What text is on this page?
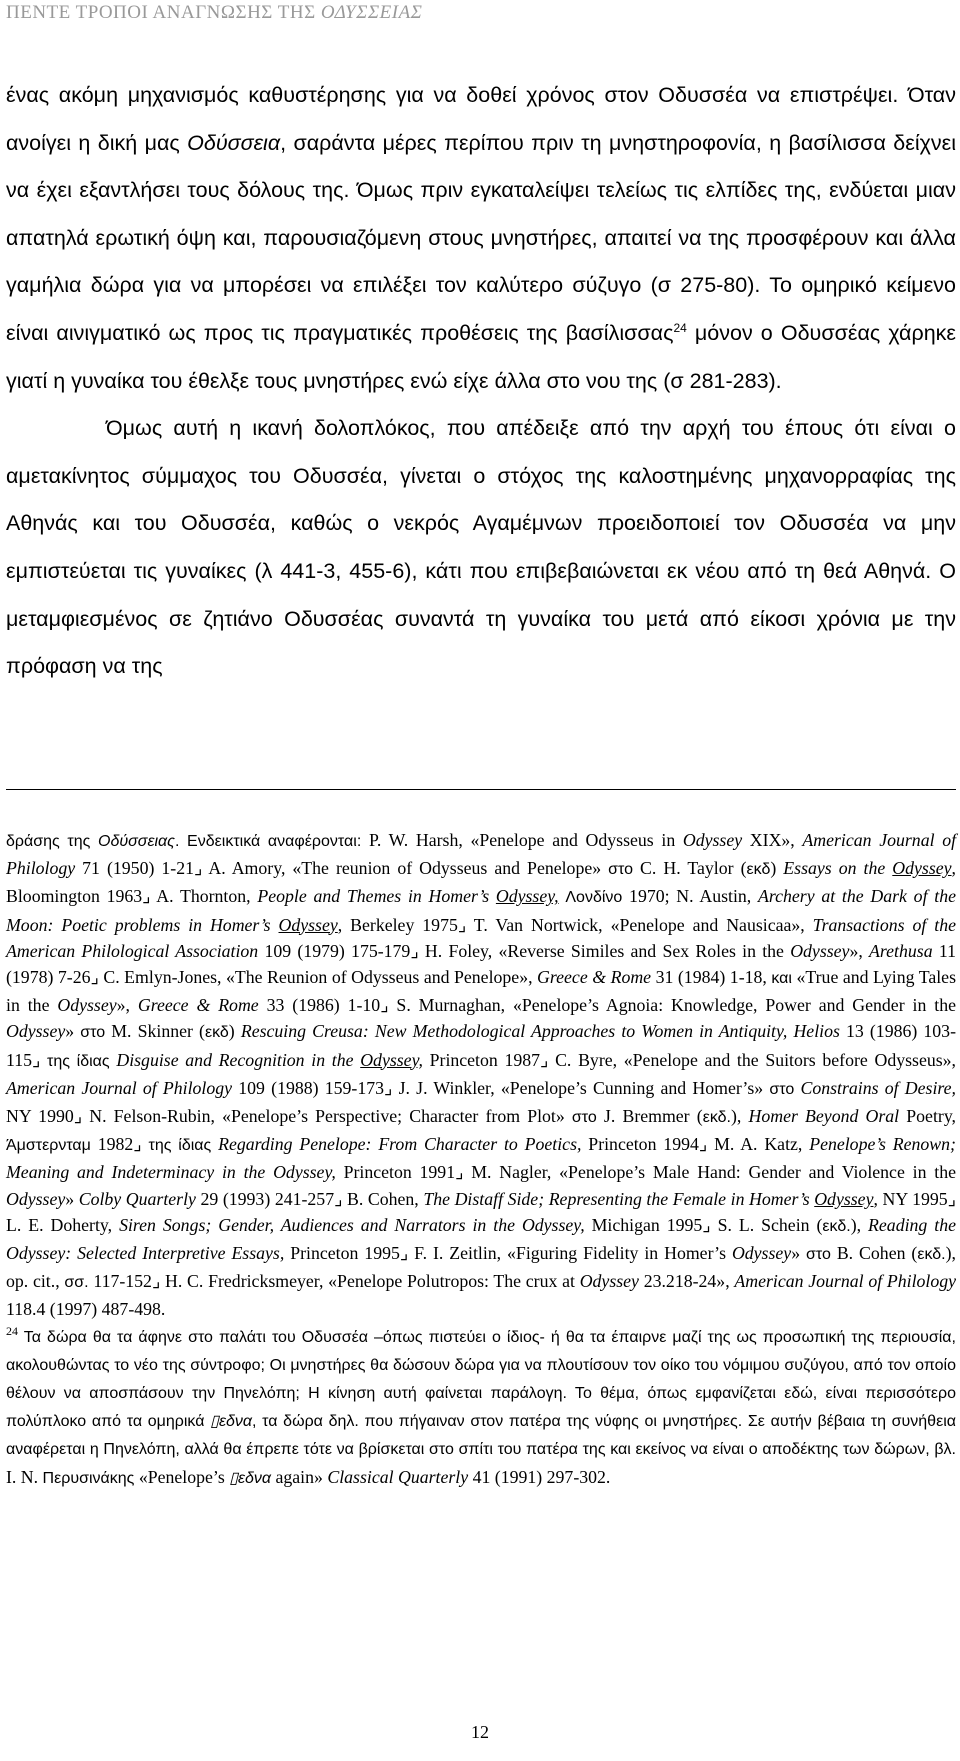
ΠΕΝΤΕ ΤΡΟΠΟΙ ΑΝΑΓΝΩΣΗΣ ΤΗΣ ΟΔΥΣΣΕΙΑΣ

ένας ακόμη μηχανισμός καθυστέρησης για να δοθεί χρόνος στον Οδυσσέα να επιστρέψει. Όταν ανοίγει η δική μας Οδύσσεια, σαράντα μέρες περίπου πριν τη μνηστηροφονία, η βασίλισσα δείχνει να έχει εξαντλήσει τους δόλους της. Όμως πριν εγκαταλείψει τελείως τις ελπίδες της, ενδύεται μιαν απατηλά ερωτική όψη και, παρουσιαζόμενη στους μνηστήρες, απαιτεί να της προσφέρουν και άλλα γαμήλια δώρα για να μπορέσει να επιλέξει τον καλύτερο σύζυγο (σ 275-80). Το ομηρικό κείμενο είναι αινιγματικό ως προς τις πραγματικές προθέσεις της βασίλισσας$^{24}$ μόνον ο Οδυσσέας χάρηκε γιατί η γυναίκα του έθελξε τους μνηστήρες ενώ είχε άλλα στο νου της (σ 281-283).

Όμως αυτή η ικανή δολοπλόκος, που απέδειξε από την αρχή του έπους ότι είναι ο αμετακίνητος σύμμαχος του Οδυσσέα, γίνεται ο στόχος της καλοστημένης μηχανορραφίας της Αθηνάς και του Οδυσσέα, καθώς ο νεκρός Αγαμέμνων προειδοποιεί τον Οδυσσέα να μην εμπιστεύεται τις γυναίκες (λ 441-3, 455-6), κάτι που επιβεβαιώνεται εκ νέου από τη θεά Αθηνά. Ο μεταμφιεσμένος σε ζητιάνο Οδυσσέας συναντά τη γυναίκα του μετά από είκοσι χρόνια με την πρόφαση να της

δράσης της Οδύσσειας. Ενδεικτικά αναφέρονται: P. W. Harsh, «Penelope and Odysseus in Odyssey XIX», American Journal of Philology 71 (1950) 1-21⌟ A. Amory, «The reunion of Odysseus and Penelope» στο C. H. Taylor (εκδ) Essays on the Odyssey, Bloomington 1963⌟ A. Thornton, People and Themes in Homer’s Odyssey, Λονδίνο 1970; N. Austin, Archery at the Dark of the Moon: Poetic problems in Homer’s Odyssey, Berkeley 1975⌟ T. Van Nortwick, «Penelope and Nausicaa», Transactions of the American Philological Association 109 (1979) 175-179⌟ H. Foley, «Reverse Similes and Sex Roles in the Odyssey», Arethusa 11 (1978) 7-26⌟ C. Emlyn-Jones, «The Reunion of Odysseus and Penelope», Greece & Rome 31 (1984) 1-18, και «True and Lying Tales in the Odyssey», Greece & Rome 33 (1986) 1-10⌟ S. Murnaghan, «Penelope’s Agnoia: Knowledge, Power and Gender in the Odyssey» στο M. Skinner (εκδ) Rescuing Creusa: New Methodological Approaches to Women in Antiquity, Helios 13 (1986) 103-115⌟ της ίδιας Disguise and Recognition in the Odyssey, Princeton 1987⌟ C. Byre, «Penelope and the Suitors before Odysseus», American Journal of Philology 109 (1988) 159-173⌟ J. J. Winkler, «Penelope’s Cunning and Homer’s» στο Constrains of Desire, NY 1990⌟ N. Felson-Rubin, «Penelope’s Perspective; Character from Plot» στο J. Bremmer (εκδ.), Homer Beyond Oral Poetry, Άμστερνταμ 1982⌟ της ίδιας Regarding Penelope: From Character to Poetics, Princeton 1994⌟ M. A. Katz, Penelope’s Renown; Meaning and Indeterminacy in the Odyssey, Princeton 1991⌟ M. Nagler, «Penelope’s Male Hand: Gender and Violence in the Odyssey» Colby Quarterly 29 (1993) 241-257⌟ B. Cohen, The Distaff Side; Representing the Female in Homer’s Odyssey, NY 1995⌟ L. E. Doherty, Siren Songs; Gender, Audiences and Narrators in the Odyssey, Michigan 1995⌟ S. L. Schein (εκδ.), Reading the Odyssey: Selected Interpretive Essays, Princeton 1995⌟ F. I. Zeitlin, «Figuring Fidelity in Homer’s Odyssey» στο B. Cohen (εκδ.), op. cit., σσ. 117-152⌟ H. C. Fredricksmeyer, «Penelope Polutropos: The crux at Odyssey 23.218-24», American Journal of Philology 118.4 (1997) 487-498.

$^{24}$ Τα δώρα θα τα άφηνε στο παλάτι του Οδυσσέα –όπως πιστεύει ο ίδιος- ή θα τα έπαιρνε μαζί της ως προσωπική της περιουσία, ακολουθώντας το νέο της σύντροφο; Οι μνηστήρες θα δώσουν δώρα για να πλουτίσουν τον οίκο του νόμιμου συζύγου, από τον οποίο θέλουν να αποσπάσουν την Πηνελόπη; Η κίνηση αυτή φαίνεται παράλογη. Το θέμα, όπως εμφανίζεται εδώ, είναι περισσότερο πολύπλοκο από τα ομηρικά ▯εδνα, τα δώρα δηλ. που πήγαιναν στον πατέρα της νύφης οι μνηστήρες. Σε αυτήν βέβαια τη συνήθεια αναφέρεται η Πηνελόπη, αλλά θα έπρεπε τότε να βρίσκεται στο σπίτι του πατέρα της και εκείνος να είναι ο αποδέκτης των δώρων, βλ. I. N. Περυσινάκης «Penelope’s ▯εδνα again» Classical Quarterly 41 (1991) 297-302.

12
